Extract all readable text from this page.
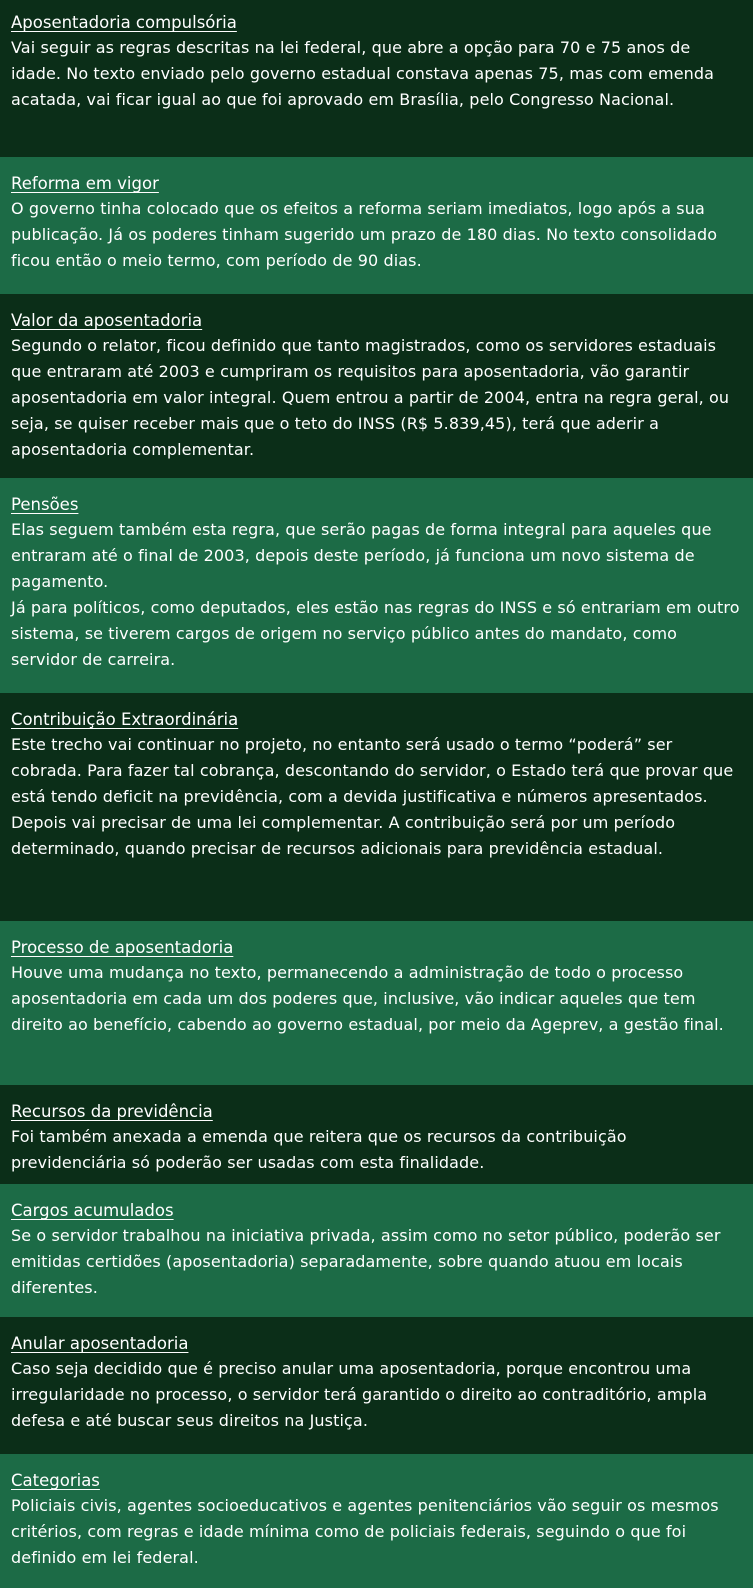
Aposentadoria compulsória

Vai seguir as regras descritas na lei federal, que abre a opção para 70 e 75 anos de idade. No texto enviado pelo governo estadual constava apenas 75, mas com emenda acatada, vai ficar igual ao que foi aprovado em Brasília, pelo Congresso Nacional.

Reforma em vigor

O governo tinha colocado que os efeitos a reforma seriam imediatos, logo após a sua publicação. Já os poderes tinham sugerido um prazo de 180 dias. No texto consolidado ficou então o meio termo, com período de 90 dias.

Valor da aposentadoria

Segundo o relator, ficou definido que tanto magistrados, como os servidores estaduais que entraram até 2003 e cumpriram os requisitos para aposentadoria, vão garantir aposentadoria em valor integral. Quem entrou a partir de 2004, entra na regra geral, ou seja, se quiser receber mais que o teto do INSS (R$ 5.839,45), terá que aderir a aposentadoria complementar.

Pensões

Elas seguem também esta regra, que serão pagas de forma integral para aqueles que entraram até o final de 2003, depois deste período, já funciona um novo sistema de pagamento.

Já para políticos, como deputados, eles estão nas regras do INSS e só entrariam em outro sistema, se tiverem cargos de origem no serviço público antes do mandato, como servidor de carreira.

Contribuição Extraordinária

Este trecho vai continuar no projeto, no entanto será usado o termo “poderá” ser cobrada. Para fazer tal cobrança, descontando do servidor, o Estado terá que provar que está tendo deficit na previdência, com a devida justificativa e números apresentados.

Depois vai precisar de uma lei complementar. A contribuição será por um período determinado, quando precisar de recursos adicionais para previdência estadual.

Processo de aposentadoria

Houve uma mudança no texto, permanecendo a administração de todo o processo aposentadoria em cada um dos poderes que, inclusive, vão indicar aqueles que tem direito ao benefício, cabendo ao governo estadual, por meio da Ageprev, a gestão final.

Recursos da previdência

Foi também anexada a emenda que reitera que os recursos da contribuição previdenciária só poderão ser usadas com esta finalidade.

Cargos acumulados

Se o servidor trabalhou na iniciativa privada, assim como no setor público, poderão ser emitidas certidões (aposentadoria) separadamente, sobre quando atuou em locais diferentes.

Anular aposentadoria

Caso seja decidido que é preciso anular uma aposentadoria, porque encontrou uma irregularidade no processo, o servidor terá garantido o direito ao contraditório, ampla defesa e até buscar seus direitos na Justiça.

Categorias

Policiais civis, agentes socioeducativos e agentes penitenciários vão seguir os mesmos critérios, com regras e idade mínima como de policiais federais, seguindo o que foi definido em lei federal.
